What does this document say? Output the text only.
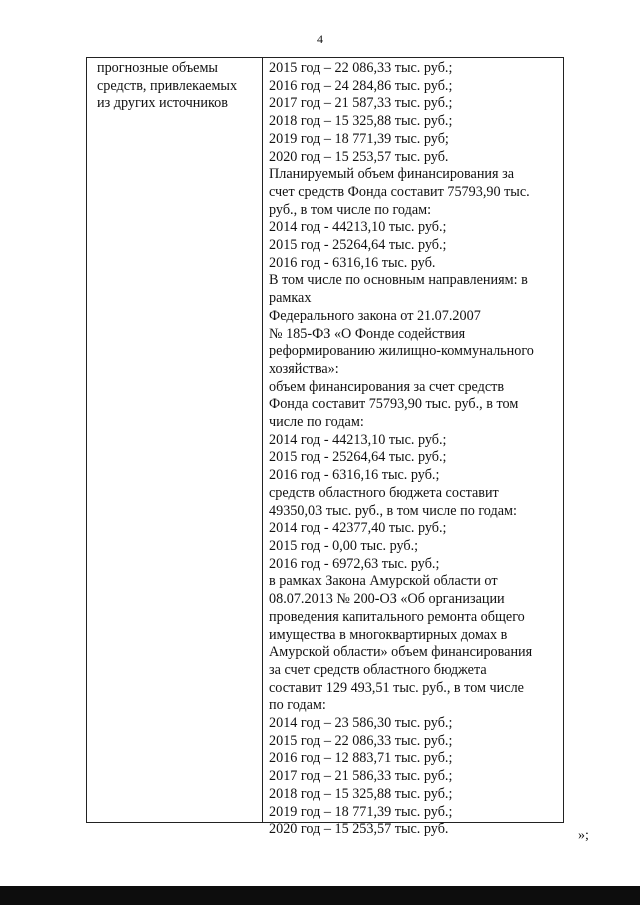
4
прогнозные объемы
средств, привлекаемых
из других источников
2015 год – 22 086,33 тыс. руб.;
2016 год – 24 284,86 тыс. руб.;
2017 год – 21 587,33 тыс. руб.;
2018 год – 15 325,88 тыс. руб.;
2019 год – 18 771,39 тыс. руб;
2020 год – 15 253,57 тыс. руб.
Планируемый объем финансирования за
счет средств Фонда составит 75793,90 тыс.
руб., в том числе по годам:
2014 год - 44213,10 тыс. руб.;
2015 год - 25264,64 тыс. руб.;
2016 год - 6316,16 тыс. руб.
В том числе по основным направлениям: в
рамках
Федерального закона от 21.07.2007
№ 185-ФЗ «О Фонде содействия
реформированию жилищно-коммунального
хозяйства»:
объем финансирования за счет средств
Фонда составит 75793,90 тыс. руб., в том
числе по годам:
2014 год - 44213,10 тыс. руб.;
2015 год - 25264,64 тыс. руб.;
2016 год - 6316,16 тыс. руб.;
средств областного бюджета составит
49350,03 тыс. руб., в том числе по годам:
2014 год - 42377,40 тыс. руб.;
2015 год - 0,00 тыс. руб.;
2016 год - 6972,63 тыс. руб.;
в рамках Закона Амурской области от
08.07.2013 № 200-ОЗ «Об организации
проведения капитального ремонта общего
имущества в многоквартирных домах в
Амурской области» объем финансирования
за счет средств областного бюджета
составит 129 493,51 тыс. руб., в том числе
по годам:
2014 год – 23 586,30 тыс. руб.;
2015 год – 22 086,33 тыс. руб.;
2016 год – 12 883,71 тыс. руб.;
2017 год – 21 586,33 тыс. руб.;
2018 год – 15 325,88 тыс. руб.;
2019 год – 18 771,39 тыс. руб.;
2020 год – 15 253,57 тыс. руб.	»;
